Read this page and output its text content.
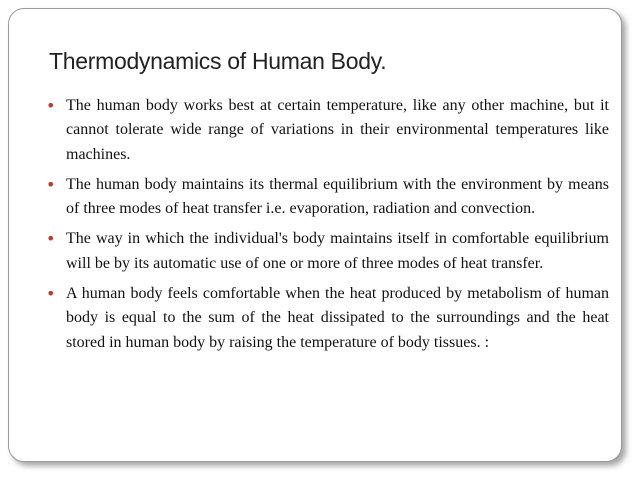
Thermodynamics of Human Body.
• The human body works best at certain temperature, like any other machine, but it cannot tolerate wide range of variations in their environmental temperatures like machines.
• The human body maintains its thermal equilibrium with the environment by means of three modes of heat transfer i.e. evaporation, radiation and convection.
• The way in which the individual's body maintains itself in comfortable equilibrium will be by its automatic use of one or more of three modes of heat transfer.
• A human body feels comfortable when the heat produced by metabolism of human body is equal to the sum of the heat dissipated to the surroundings and the heat stored in human body by raising the temperature of body tissues. :
